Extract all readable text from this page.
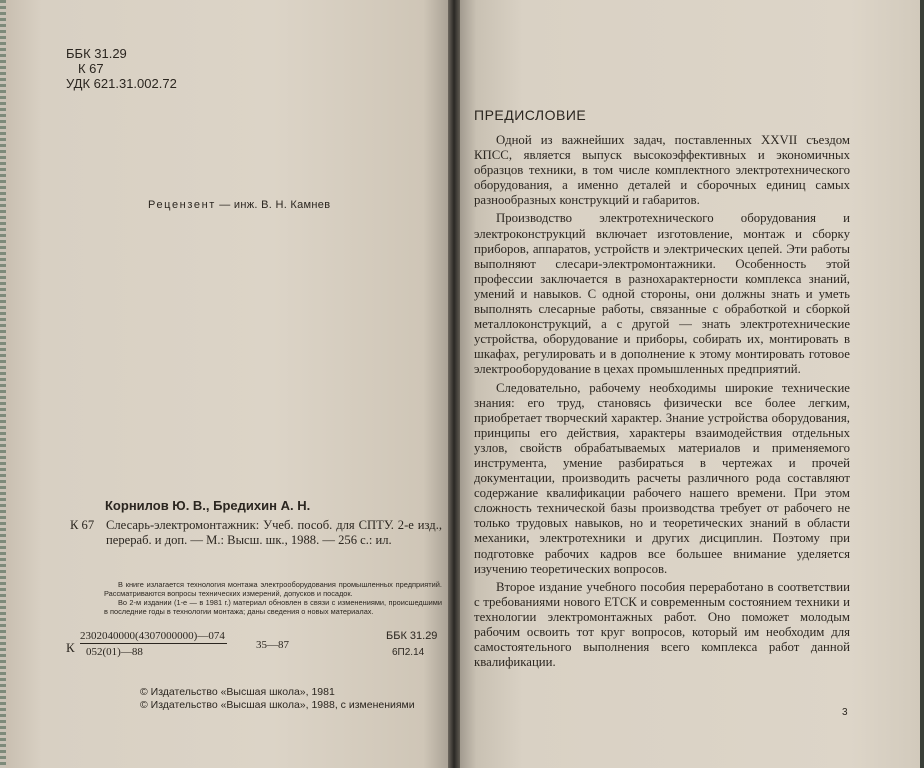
ББК 31.29
К 67
УДК 621.31.002.72
Рецензент — инж. В. Н. Камнев
Корнилов Ю. В., Бредихин А. Н.
К 67 Слесарь-электромонтажник: Учеб. пособ. для СПТУ. 2-е изд., перераб. и доп. — М.: Высш. шк., 1988. — 256 с.: ил.

В книге излагается технология монтажа электрооборудования промышленных предприятий. Рассматриваются вопросы технических измерений, допусков и посадок.

Во 2-м издании (1-е — в 1981 г.) материал обновлен в связи с изменениями, происшедшими в последние годы в технологии монтажа; даны сведения о новых материалах.

К
2302040000(4307000000)—074
052(01)—88
35—87
ББК 31.29
6П2.14
© Издательство «Высшая школа», 1981
© Издательство «Высшая школа», 1988, с изменениями
ПРЕДИСЛОВИЕ

Одной из важнейших задач, поставленных XXVII съездом КПСС, является выпуск высокоэффективных и экономичных образцов техники, в том числе комплектного электротехнического оборудования, а именно деталей и сборочных единиц самых разнообразных конструкций и габаритов.

Производство электротехнического оборудования и электроконструкций включает изготовление, монтаж и сборку приборов, аппаратов, устройств и электрических цепей. Эти работы выполняют слесари-электромонтажники. Особенность этой профессии заключается в разнохарактерности комплекса знаний, умений и навыков. С одной стороны, они должны знать и уметь выполнять слесарные работы, связанные с обработкой и сборкой металлоконструкций, а с другой — знать электротехнические устройства, оборудование и приборы, собирать их, монтировать в шкафах, регулировать и в дополнение к этому монтировать готовое электрооборудование в цехах промышленных предприятий.

Следовательно, рабочему необходимы широкие технические знания: его труд, становясь физически все более легким, приобретает творческий характер. Знание устройства оборудования, принципы его действия, характеры взаимодействия отдельных узлов, свойств обрабатываемых материалов и применяемого инструмента, умение разбираться в чертежах и прочей документации, производить расчеты различного рода составляют содержание квалификации рабочего нашего времени. При этом сложность технической базы производства требует от рабочего не только трудовых навыков, но и теоретических знаний в области механики, электротехники и других дисциплин. Поэтому при подготовке рабочих кадров все большее внимание уделяется изучению теоретических вопросов.

Второе издание учебного пособия переработано в соответствии с требованиями нового ЕТСК и современным состоянием техники и технологии электромонтажных работ. Оно поможет молодым рабочим освоить тот круг вопросов, который им необходим для самостоятельного выполнения всего комплекса работ данной квалификации.

3
